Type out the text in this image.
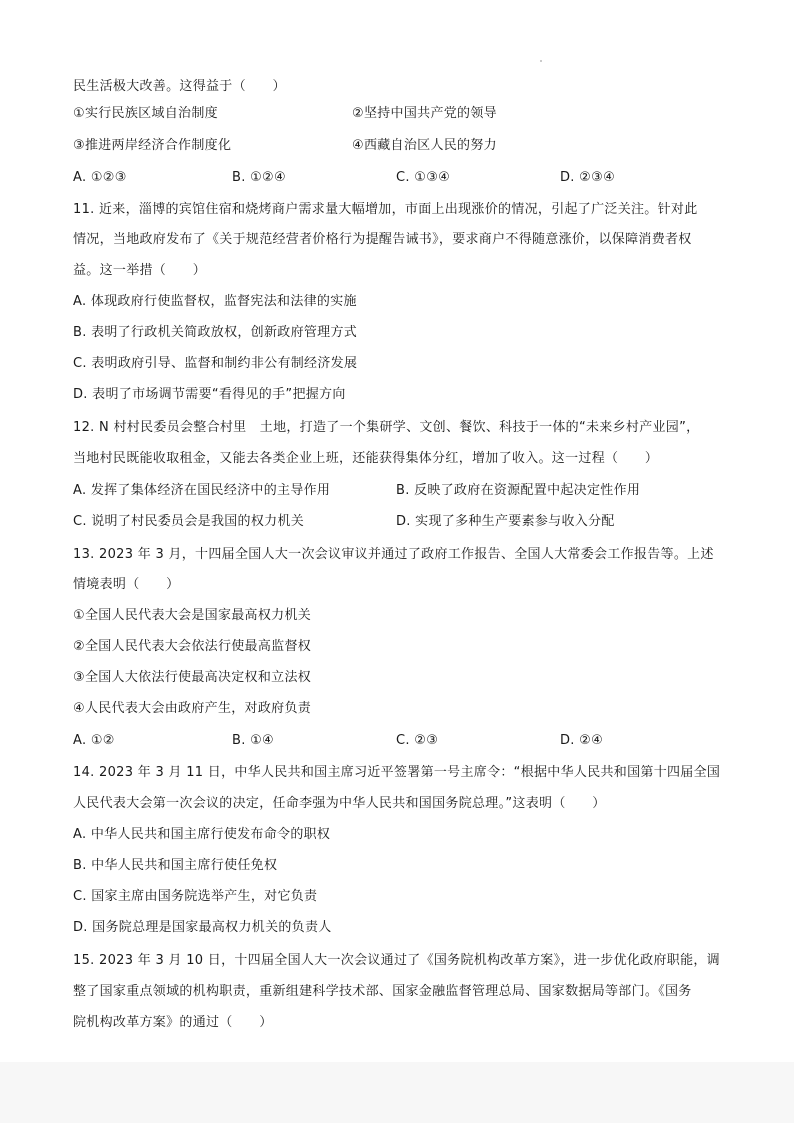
民生活极大改善。这得益于（　　）
①实行民族区域自治制度	②坚持中国共产党的领导
③推进两岸经济合作制度化	④西藏自治区人民的努力
A. ①②③	B. ①②④	C. ①③④	D. ②③④
11. 近来，淄博的宾馆住宿和烧烤商户需求量大幅增加，市面上出现涨价的情况，引起了广泛关注。针对此
情况，当地政府发布了《关于规范经营者价格行为提醒告诫书》，要求商户不得随意涨价，以保障消费者权
益。这一举措（　　）
A. 体现政府行使监督权，监督宪法和法律的实施
B. 表明了行政机关简政放权，创新政府管理方式
C. 表明政府引导、监督和制约非公有制经济发展
D. 表明了市场调节需要“看得见的手”把握方向
12. N 村村民委员会整合村里　土地，打造了一个集研学、文创、餐饮、科技于一体的“未来乡村产业园”，
当地村民既能收取租金，又能去各类企业上班，还能获得集体分红，增加了收入。这一过程（　　）
A. 发挥了集体经济在国民经济中的主导作用	B. 反映了政府在资源配置中起决定性作用
C. 说明了村民委员会是我国的权力机关	D. 实现了多种生产要素参与收入分配
13. 2023 年 3 月，十四届全国人大一次会议审议并通过了政府工作报告、全国人大常委会工作报告等。上述
情境表明（　　）
①全国人民代表大会是国家最高权力机关
②全国人民代表大会依法行使最高监督权
③全国人大依法行使最高决定权和立法权
④人民代表大会由政府产生，对政府负责
A. ①②	B. ①④	C. ②③	D. ②④
14. 2023 年 3 月 11 日，中华人民共和国主席习近平签署第一号主席令：“根据中华人民共和国第十四届全国
人民代表大会第一次会议的决定，任命李强为中华人民共和国国务院总理。”这表明（　　）
A. 中华人民共和国主席行使发布命令的职权
B. 中华人民共和国主席行使任免权
C. 国家主席由国务院选举产生，对它负责
D. 国务院总理是国家最高权力机关的负责人
15. 2023 年 3 月 10 日，十四届全国人大一次会议通过了《国务院机构改革方案》，进一步优化政府职能，调
整了国家重点领域的机构职责，重新组建科学技术部、国家金融监督管理总局、国家数据局等部门。《国务
院机构改革方案》的通过（　　）
